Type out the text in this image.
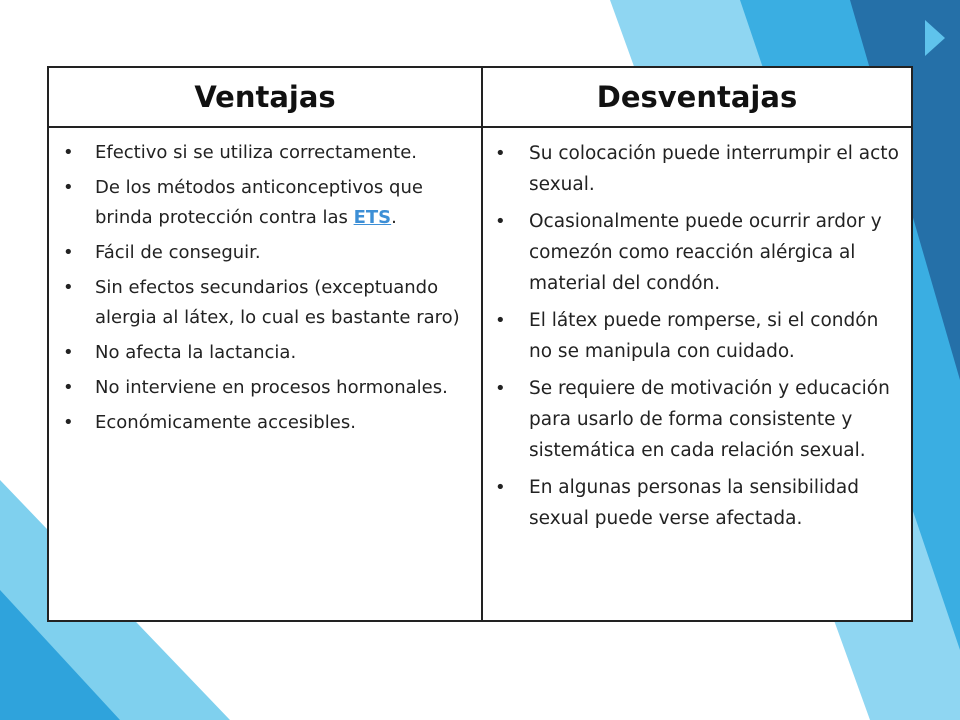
Ventajas	Desventajas
• Efectivo si se utiliza correctamente.
• De los métodos anticonceptivos que brinda protección contra las ETS.
• Fácil de conseguir.
• Sin efectos secundarios (exceptuando alergia al látex, lo cual es bastante raro)
• No afecta la lactancia.
• No interviene en procesos hormonales.
• Económicamente accesibles.
• Su colocación puede interrumpir el acto sexual.
• Ocasionalmente puede ocurrir ardor y comezón como reacción alérgica al material del condón.
• El látex puede romperse, si el condón no se manipula con cuidado.
• Se requiere de motivación y educación para usarlo de forma consistente y sistemática en cada relación sexual.
• En algunas personas la sensibilidad sexual puede verse afectada.
